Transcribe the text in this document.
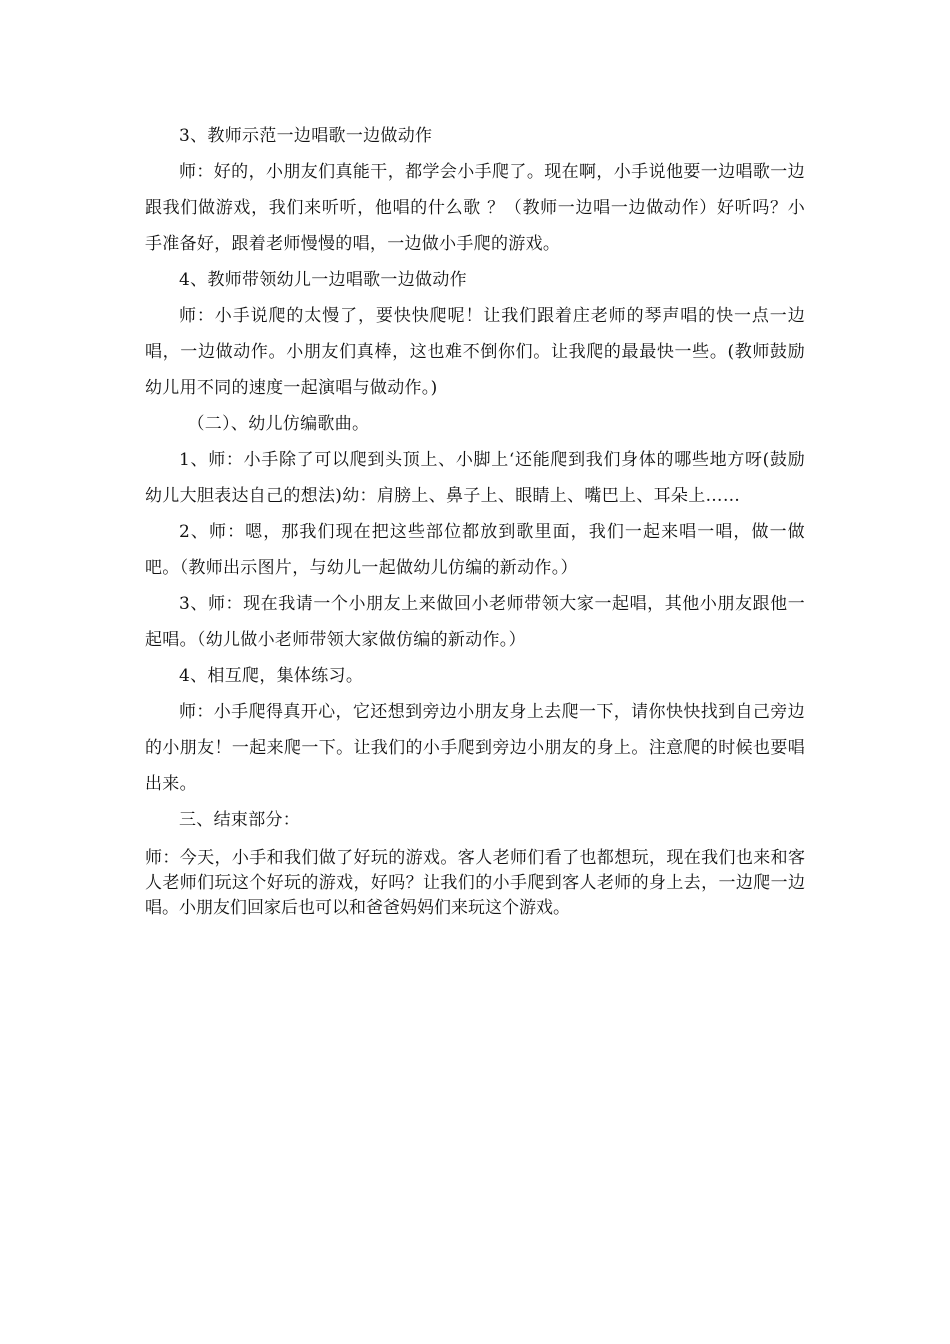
3、教师示范一边唱歌一边做动作

师：好的，小朋友们真能干，都学会小手爬了。现在啊，小手说他要一边唱歌一边跟我们做游戏，我们来听听，他唱的什么歌 ？（教师一边唱一边做动作）好听吗？小手准备好，跟着老师慢慢的唱，一边做小手爬的游戏。

4、教师带领幼儿一边唱歌一边做动作

师：小手说爬的太慢了，要快快爬呢！让我们跟着庄老师的琴声唱的快一点一边唱，一边做动作。小朋友们真棒，这也难不倒你们。让我爬的最最快一些。(教师鼓励幼儿用不同的速度一起演唱与做动作。)

（二）、幼儿仿编歌曲。

1、师：小手除了可以爬到头顶上、小脚上‘还能爬到我们身体的哪些地方呀(鼓励幼儿大胆表达自己的想法)幼：肩膀上、鼻子上、眼睛上、嘴巴上、耳朵上……

2、师：嗯，那我们现在把这些部位都放到歌里面，我们一起来唱一唱，做一做吧。（教师出示图片，与幼儿一起做幼儿仿编的新动作。）

3、师：现在我请一个小朋友上来做回小老师带领大家一起唱，其他小朋友跟他一起唱。（幼儿做小老师带领大家做仿编的新动作。）

4、相互爬，集体练习。

师：小手爬得真开心，它还想到旁边小朋友身上去爬一下，请你快快找到自己旁边的小朋友！一起来爬一下。让我们的小手爬到旁边小朋友的身上。注意爬的时候也要唱出来。

三、结束部分：

师：今天，小手和我们做了好玩的游戏。客人老师们看了也都想玩，现在我们也来和客人老师们玩这个好玩的游戏，好吗？让我们的小手爬到客人老师的身上去，一边爬一边唱。小朋友们回家后也可以和爸爸妈妈们来玩这个游戏。
